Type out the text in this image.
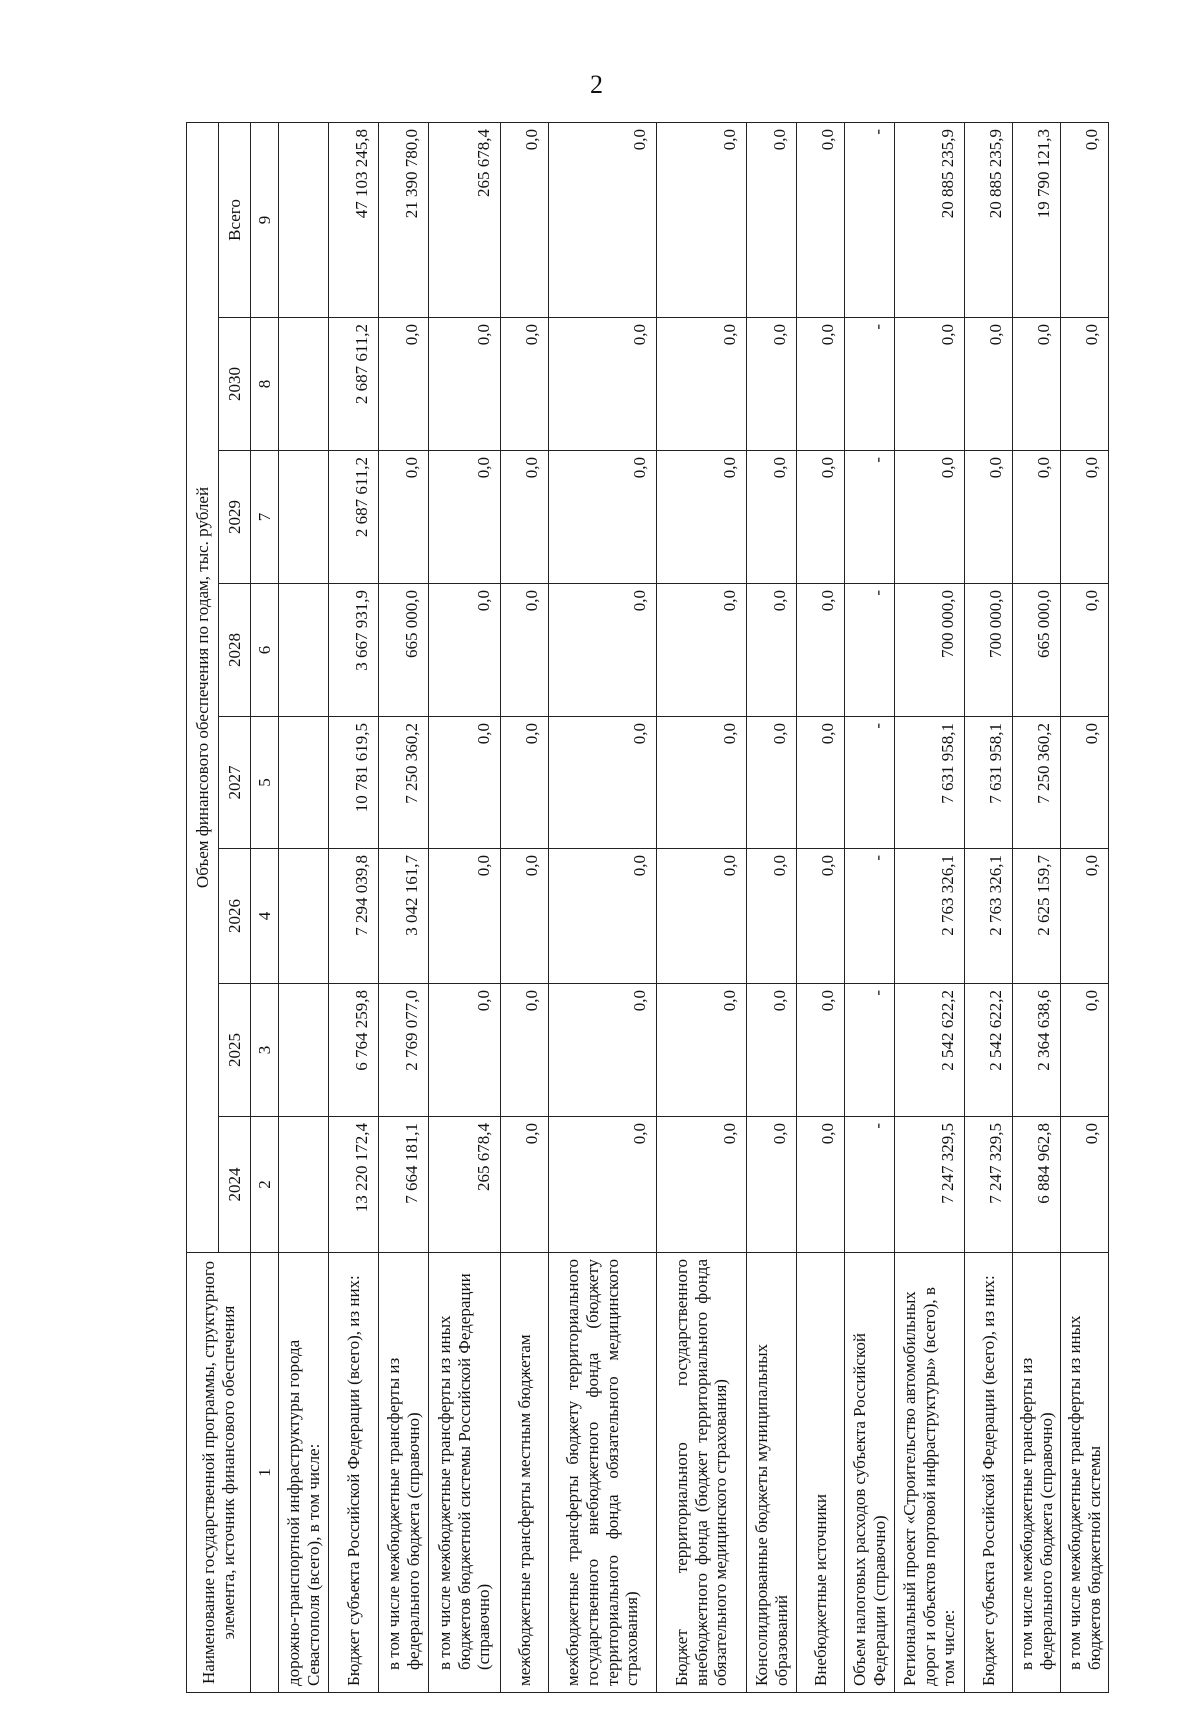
2
Наименование государственной программы, структурного элемента, источник финансового обеспечения	Объем финансового обеспечения по годам, тыс. рублей							
	2024	2025	2026	2027	2028	2029	2030	Всего
1	2	3	4	5	6	7	8	9
дорожно-транспортной инфраструктуры города Севастополя (всего), в том числе:								
Бюджет субъекта Российской Федерации (всего), из них:	13 220 172,4	6 764 259,8	7 294 039,8	10 781 619,5	3 667 931,9	2 687 611,2	2 687 611,2	47 103 245,8
в том числе межбюджетные трансферты из федерального бюджета (справочно)	7 664 181,1	2 769 077,0	3 042 161,7	7 250 360,2	665 000,0	0,0	0,0	21 390 780,0
в том числе межбюджетные трансферты из иных бюджетов бюджетной системы Российской Федерации (справочно)	265 678,4	0,0	0,0	0,0	0,0	0,0	0,0	265 678,4
межбюджетные трансферты местным бюджетам	0,0	0,0	0,0	0,0	0,0	0,0	0,0	0,0
межбюджетные трансферты бюджету территориального государственного внебюджетного фонда (бюджету территориального фонда обязательного медицинского страхования)	0,0	0,0	0,0	0,0	0,0	0,0	0,0	0,0
Бюджет территориального государственного внебюджетного фонда (бюджет территориального фонда обязательного медицинского страхования)	0,0	0,0	0,0	0,0	0,0	0,0	0,0	0,0
Консолидированные бюджеты муниципальных образований	0,0	0,0	0,0	0,0	0,0	0,0	0,0	0,0
Внебюджетные источники	0,0	0,0	0,0	0,0	0,0	0,0	0,0	0,0
Объем налоговых расходов субъекта Российской Федерации (справочно)	-	-	-	-	-	-	-	-
Региональный проект «Строительство автомобильных дорог и объектов портовой инфраструктуры» (всего), в том числе:	7 247 329,5	2 542 622,2	2 763 326,1	7 631 958,1	700 000,0	0,0	0,0	20 885 235,9
Бюджет субъекта Российской Федерации (всего), из них:	7 247 329,5	2 542 622,2	2 763 326,1	7 631 958,1	700 000,0	0,0	0,0	20 885 235,9
в том числе межбюджетные трансферты из федерального бюджета (справочно)	6 884 962,8	2 364 638,6	2 625 159,7	7 250 360,2	665 000,0	0,0	0,0	19 790 121,3
в том числе межбюджетные трансферты из иных бюджетов бюджетной системы	0,0	0,0	0,0	0,0	0,0	0,0	0,0	0,0
